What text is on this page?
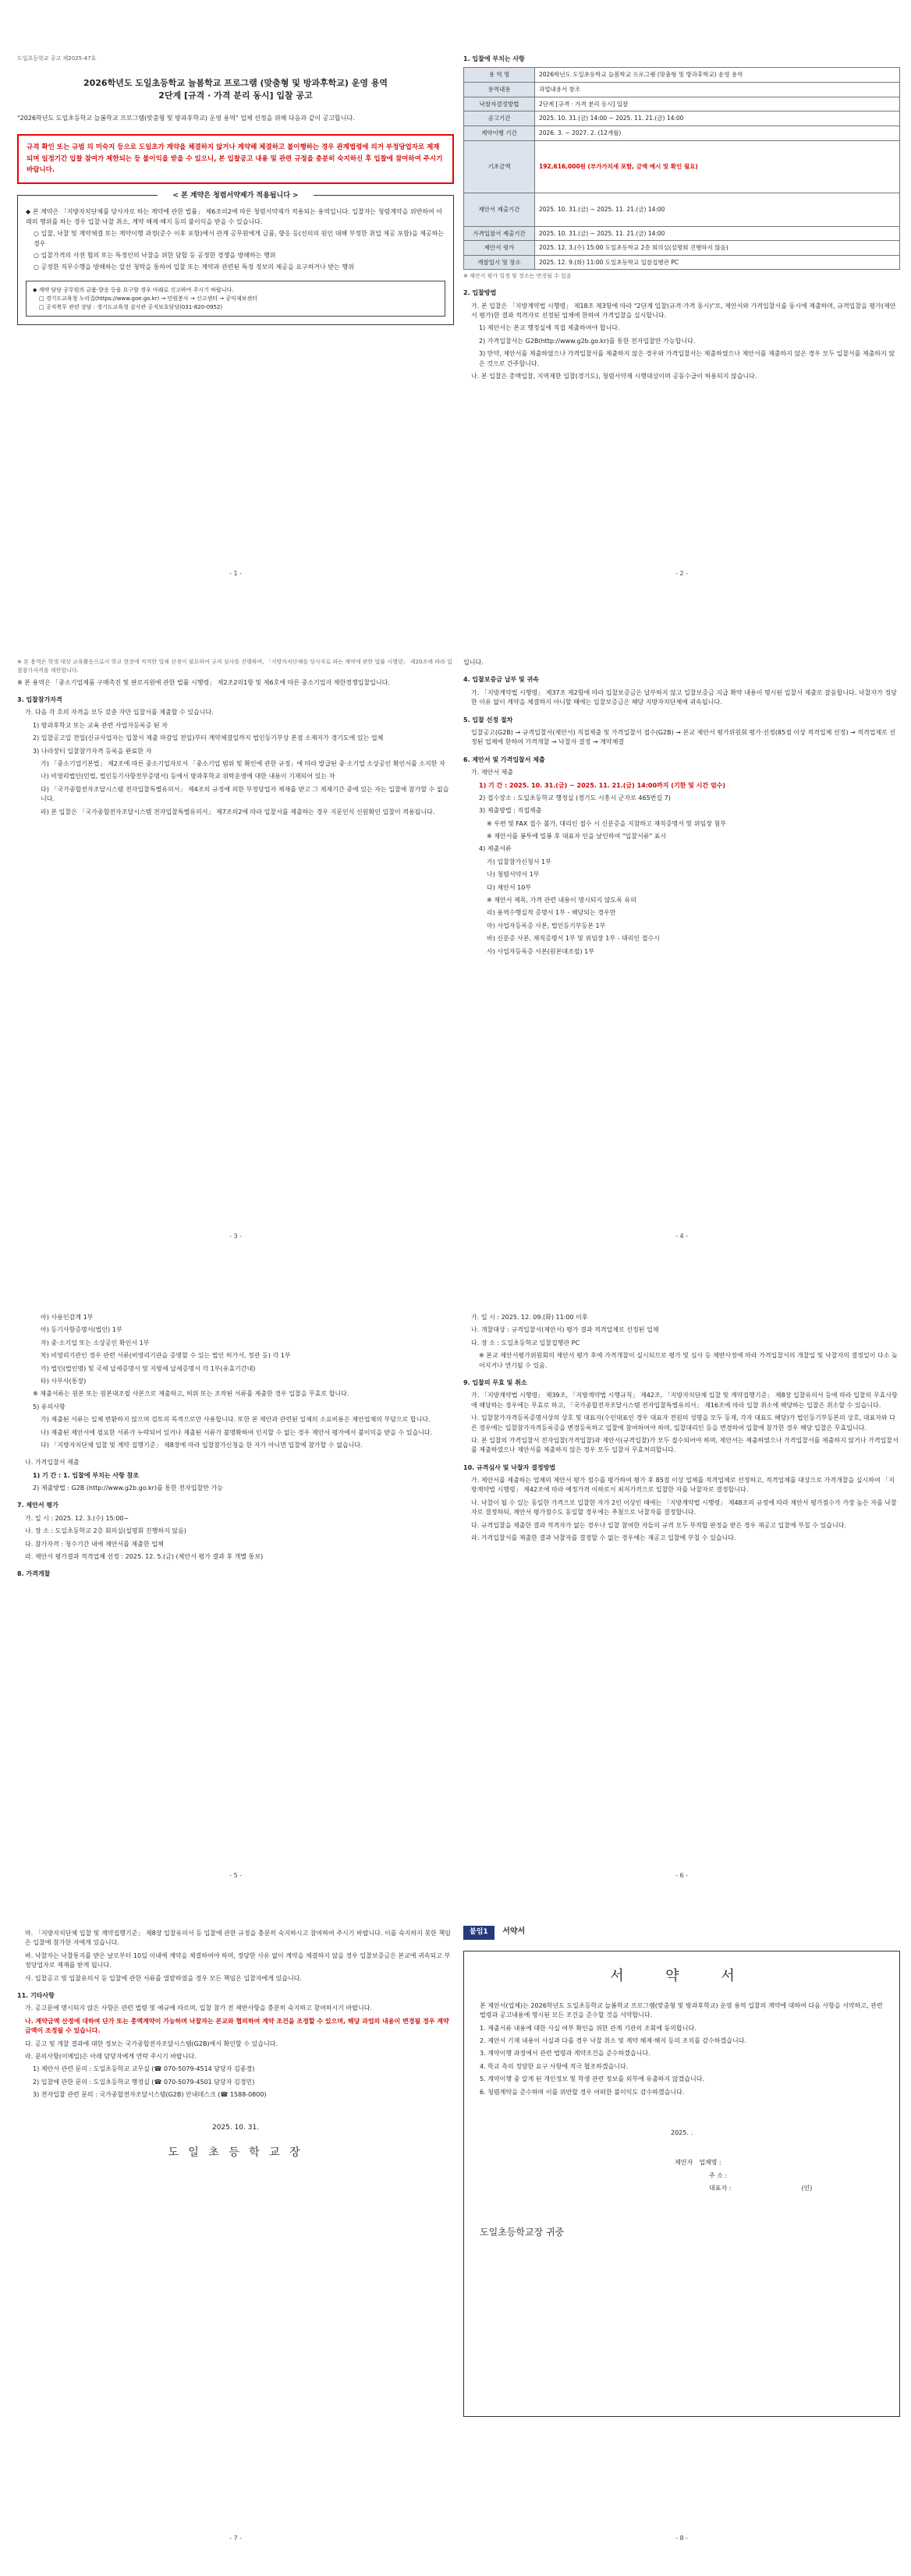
도일초등학교 공고 제2025-47호

2026학년도 도일초등학교 늘봄학교 프로그램 (맞춤형 및 방과후학교) 운영 용역

2단계 [규격 · 가격 분리 동시] 입찰 공고

"2026학년도 도일초등학교 늘봄학교 프로그램(맞춤형 및 방과후학교) 운영 용역" 업체 선정을 위해 다음과 같이 공고합니다.

규격 확인 또는 규범 의 미숙지 등으로 도일초가 계약을 체결하지 않거나 계약해 체결하고 불이행하는 경우 관계법령에 의거 부정당업자로 제재되며 일정기간 입찰 참여가 제한되는 등 불이익을 받을 수 있으니, 본 입찰공고 내용 및 관련 규정을 충분히 숙지하신 후 입찰에 참여하여 주시기 바랍니다.
< 본 계약은 청렴서약제가 적용됩니다 >
◆ 본 계약은 「지방자치단체를 당사자로 하는 계약에 관한 법률」 제6조의2에 따른 청렴서약제가 적용되는 용역입니다. 입찰자는 청렴계약을 위반하여 아래의 행위를 하는 경우 입찰·낙찰 취소, 계약 해제·해지 등의 불이익을 받을 수 있습니다.
○ 입찰, 낙찰 및 계약체결 또는 계약이행 과정(준수 이후 포함)에서 관계 공무원에게 금품, 향응 등(선의의 원인 대해 부정한 취업 제공 포함)을 제공하는 경우
○ 입찰가격의 사전 협의 또는 특정인의 낙찰을 위한 담합 등 공정한 경쟁을 방해하는 행위
○ 공정한 직무수행을 방해하는 알선 청탁을 통하여 입찰 또는 계약과 관련된 특정 정보의 제공을 요구하거나 받는 행위
◆ 계약 담당 공무원의 금품·향응 등을 요구할 경우 아래로 신고하여 주시기 바랍니다.
□ 경기도교육청 누리집(https://www.goe.go.kr) → 민원봉사 → 신고센터 → 공익제보센터
□ 공직복무 관련 상담 : 경기도교육청 감사관 공직보호담당(031-820-0952)
- 1 -
1. 입찰에 부치는 사항
용 역 명	2026학년도 도일초등학교 늘봄학교 프로그램 (맞춤형 및 방과후학교) 운영 용역
용역내용	과업내용서 참조
낙찰자결정방법	2단계 [규격 · 가격 분리 동시] 입찰
공고기간	2025. 10. 31.(금) 14:00 ~ 2025. 11. 21.(금) 14:00
계약이행 기간	2026. 3. ~ 2027. 2. (12개월)
기초금액	192,616,000원 (부가가치세 포함, 금액 예시 및 확인 필요)
제안서 제출기간	2025. 10. 31.(금) ~ 2025. 11. 21.(금) 14:00
가격입찰서 제출기간	2025. 10. 31.(금) ~ 2025. 11. 21.(금) 14:00
제안서 평가	2025. 12. 3.(수) 15:00 도일초등학교 2층 회의실(설명회 진행하지 않음)
개찰일시 및 장소	2025. 12. 9.(화) 11:00 도일초등학교 입찰집행관 PC
※ 제안서 평가 일정 및 장소는 변경될 수 있음
2. 입찰방법
가. 본 입찰은 「지방계약법 시행령」 제18조 제3항에 따라 "2단계 입찰(규격·가격 동시)"로, 제안서와 가격입찰서를 동시에 제출하며, 규격입찰을 평가(제안서 평가)한 결과 적격자로 선정된 업체에 한하여 가격입찰을 실시합니다.
1) 제안서는 본교 행정실에 직접 제출하여야 합니다.
2) 가격입찰서는 G2B(http://www.g2b.go.kr)를 통한 전자입찰만 가능합니다.
3) 만약, 제안서를 제출하였으나 가격입찰서를 제출하지 않은 경우와 가격입찰서는 제출하였으나 제안서를 제출하지 않은 경우 모두 입찰서를 제출하지 않은 것으로 간주합니다.
나. 본 입찰은 총액입찰, 지역제한 입찰(경기도), 청렴서약제 시행대상이며 공동수급이 허용되지 않습니다.
- 2 -
※ 본 용역은 학생 대상 교육활동으로서 학교 현장에 적격한 업체 선정이 필요하여 규격 심사를 진행하며, 「지방자치단체를 당사자로 하는 계약에 관한 법률 시행령」 제20조에 따라 입찰참가자격을 제한합니다.
※ 본 용역은 「중소기업제품 구매촉진 및 판로지원에 관한 법률 시행령」 제2조2의1항 및 제6호에 따른 중소기업자 제한경쟁입찰입니다.
3. 입찰참가자격
가. 다음 각 호의 자격을 모두 갖춘 자만 입찰서를 제출할 수 있습니다.
1) 방과후학교 또는 교육 관련 사업자등록증 된 자
2) 입찰공고일 전일(신규사업자는 입찰서 제출 마감일 전일)부터 계약체결일까지 법인등기부상 본점 소재지가 경기도에 있는 업체
3) 나라장터 입찰참가자격 등록을 완료한 자
가) 「중소기업기본법」 제2조에 따른 중소기업자로서 「중소기업 범위 및 확인에 관한 규정」에 따라 발급된 중·소기업 소상공인 확인서를 소지한 자
나) 비영리법인(민법, 법인등기사항전부증명서) 등에서 방과후학교 위탁운영에 대한 내용이 기재되어 있는 자
다) 「국가종합전자조달시스템 전자입찰특별유의서」 제4조의 규정에 의한 부정당업자 제재를 받고 그 제재기간 중에 있는 자는 입찰에 참가할 수 없습니다.
라) 본 입찰은 「국가종합전자조달시스템 전자입찰특별유의서」 제7조의2에 따라 입찰서를 제출하는 경우 지문인식 신원확인 입찰이 적용됩니다.
- 3 -
입니다.
4. 입찰보증금 납부 및 귀속
가. 「지방계약법 시행령」 제37조 제2항에 따라 입찰보증금은 납부하지 않고 입찰보증금 지급 확약 내용이 명시된 입찰서 제출로 갈음합니다. 낙찰자가 정당한 이유 없이 계약을 체결하지 아니할 때에는 입찰보증금은 해당 지방자치단체에 귀속됩니다.
5. 입찰 선정 절차
입찰공고(G2B) → 규격입찰서(제안서) 직접제출 및 가격입찰서 접수(G2B) → 본교 제안서 평가위원회 평가·선정(85점 이상 적격업체 선정) → 적격업체로 선정된 업체에 한하여 가격개찰 → 낙찰자 결정 → 계약체결
6. 제안서 및 가격입찰서 제출
가. 제안서 제출
1) 기 간 : 2025. 10. 31.(금) ~ 2025. 11. 21.(금) 14:00까지 (기한 및 시간 엄수)
2) 접수장소 : 도일초등학교 행정실 (경기도 시흥시 군자로 465번길 7)
3) 제출방법 : 직접제출
※ 우편 및 FAX 접수 불가, 대리인 접수 시 신분증을 지참하고 재직증명서 및 위임장 첨부
※ 제안서를 봉투에 밀봉 후 대표자 인을 날인하여 "입찰서류" 표시
4) 제출서류
가) 입찰참가신청서 1부
나) 청렴서약서 1부
다) 제안서 10부
※ 제안서 제목, 가격 관련 내용이 명시되지 않도록 유의
라) 용역수행실적 증명서 1부 - 해당되는 경우만
마) 사업자등록증 사본, 법인등기부등본 1부
바) 신분증 사본, 재직증명서 1부 및 위임장 1부 - 대리인 접수시
사) 사업자등록증 사본(원본대조필) 1부
- 4 -
아) 사용인감계 1부
아) 등기사항증명서(법인) 1부
자) 중·소기업 또는 소상공인 확인서 1부
차) 비영리기관인 경우 관련 서류(비영리기관을 증명할 수 있는 법인 허가서, 정관 등) 각 1부
카) 법인(법인명) 및 국세 납세증명서 및 지방세 납세증명서 각 1부(유효기간내)
타) 사무사(통장)
※ 제출서류는 원본 또는 원본대조필 사본으로 제출하고, 허위 또는 조작된 서류를 제출한 경우 입찰을 무효로 합니다.
5) 유의사항
가) 제출된 서류는 일체 반환하지 않으며 검토의 목적으로만 사용합니다. 또한 본 제안과 관련된 일체의 소요비용은 제안업체의 부담으로 합니다.
나) 제출된 제안서에 필요한 서류가 누락되어 있거나 제출된 서류가 불명확하여 인지할 수 없는 경우 제안서 평가에서 불이익을 받을 수 있습니다.
다) 「지방자치단체 입찰 및 계약 집행기준」 제8장에 따라 입찰참가신청을 한 자가 아니면 입찰에 참가할 수 없습니다.
나. 가격입찰서 제출
1) 기 간 : 1. 입찰에 부치는 사항 참조
2) 제출방법 : G2B (http://www.g2b.go.kr)를 통한 전자입찰만 가능
7. 제안서 평가
가. 일 시 : 2025. 12. 3.(수) 15:00~
나. 장 소 : 도일초등학교 2층 회의실(설명회 진행하지 않음)
다. 참가자격 : 청수기간 내에 제안서를 제출한 업체
라. 제안서 평가결과 적격업체 선정 : 2025. 12. 5.(금) (제안서 평가 결과 후 개별 통보)
8. 가격개찰
- 5 -
가. 일 시 : 2025. 12. 09.(화) 11:00 이후
나. 개찰대상 : 규격입찰서(제안서) 평가 결과 적격업체로 선정된 업체
다. 장 소 : 도일초등학교 입찰집행관 PC
※ 본교 제안서평가위원회의 제안서 평가 후에 가격개찰이 실시되므로 평가 및 심사 등 제반사정에 따라 가격입찰서의 개찰일 및 낙찰자의 결정일이 다소 늦어지거나 연기될 수 있음.
9. 입찰의 무효 및 취소
가. 「지방계약법 시행령」 제39조, 「지방계약법 시행규칙」 제42조, 「지방자치단체 입찰 및 계약집행기준」 제8장 입찰유의서 등에 따라 입찰의 무효사항에 해당하는 경우에는 무효로 하고, 「국가종합전자조달시스템 전자입찰특별유의서」 제16조에 따라 입찰 취소에 해당하는 입찰은 취소할 수 있습니다.
나. 입찰참가자격등록증명서상의 상호 및 대표자(수인대표인 경우 대표자 전원의 성명을 모두 등재, 각자 대표도 해당)가 법인등기부등본의 상호, 대표자와 다른 경우에는 입찰참가자격등록증을 변경등록하고 입찰에 참여하여야 하며, 입찰대리인 등을 변경하여 입찰에 참가한 경우 해당 입찰은 무효입니다.
다. 본 입찰의 가격입찰서 전자입찰(가격입찰)과 제안서(규격입찰)가 모두 접수되어야 하며, 제안서는 제출하였으나 가격입찰서를 제출하지 않거나 가격입찰서를 제출하였으나 제안서를 제출하지 않은 경우 모두 입찰서 무효처리합니다.
10. 규격심사 및 낙찰자 결정방법
가. 제안서를 제출하는 업체의 제안서 평가 점수를 평가하여 평가 후 85점 이상 업체를 적격업체로 선정하고, 적격업체를 대상으로 가격개찰을 실시하여 「지방계약법 시행령」 제42조에 따라 예정가격 이하로서 최저가격으로 입찰한 자를 낙찰자로 결정합니다.
나. 낙찰이 될 수 있는 동일한 가격으로 입찰한 자가 2인 이상인 때에는 「지방계약법 시행령」 제48조의 규정에 따라 제안서 평가점수가 가장 높은 자를 낙찰자로 결정하되, 제안서 평가점수도 동일할 경우에는 추첨으로 낙찰자를 결정합니다.
다. 규격입찰을 제출한 결과 적격자가 없는 경우나 입찰 참여한 자들의 규격 모두 부적합 판정을 받은 경우 재공고 입찰에 부칠 수 있습니다.
라. 가격입찰서를 제출한 결과 낙찰자를 결정할 수 없는 경우에는 재공고 입찰에 부칠 수 있습니다.
- 6 -
마. 「지방자치단체 입찰 및 계약집행기준」 제8장 입찰유의서 등 입찰에 관한 규정을 충분히 숙지하시고 참여하여 주시기 바랍니다. 이를 숙지하지 못한 책임은 입찰에 참가한 자에게 있습니다.
바. 낙찰자는 낙찰통지를 받은 날로부터 10일 이내에 계약을 체결하여야 하며, 정당한 사유 없이 계약을 체결하지 않을 경우 입찰보증금은 본교에 귀속되고 부정당업자로 제재를 받게 됩니다.
사. 입찰공고 및 입찰유의서 등 입찰에 관한 서류를 열람하였을 경우 모든 책임은 입찰자에게 있습니다.
11. 기타사항
가. 공고문에 명시되지 않은 사항은 관련 법령 및 예규에 따르며, 입찰 참가 전 제반사항을 충분히 숙지하고 참여하시기 바랍니다.
나. 계약금액 산정에 대하여 단가 또는 총액계약이 가능하며 낙찰자는 본교와 협의하여 계약 조건을 조정할 수 있으며, 해당 과업의 내용이 변경될 경우 계약 금액이 조정될 수 있습니다.
다. 공고 및 개찰 결과에 대한 정보는 국가종합전자조달시스템(G2B)에서 확인할 수 있습니다.
라. 문의사항(이메일)은 아래 담당자에게 연락 주시기 바랍니다.
1) 제안서 관련 문의 : 도일초등학교 교무실 (☎ 070-5079-4514 담당자 김종경)
2) 입찰에 관한 문의 : 도일초등학교 행정실 (☎ 070-5079-4501 담당자 김경민)
3) 전자입찰 관련 문의 : 국가종합전자조달시스템(G2B) 안내데스크 (☎ 1588-0800)
2025. 10. 31.
도 일 초 등 학 교 장
- 7 -
붙임1 서약서
서 약 서
본 제안서(업체)는 2026학년도 도일초등학교 늘봄학교 프로그램(맞춤형 및 방과후학교) 운영 용역 입찰의 계약에 대하여 다음 사항을 서약하고, 관련 법령과 공고내용에 명시된 모든 조건을 준수할 것을 서약합니다.
1. 제출서류 내용에 대한 사실 여부 확인을 위한 관계 기관의 조회에 동의합니다.
2. 제안서 기재 내용이 사실과 다를 경우 낙찰 취소 및 계약 해제·해지 등의 조치를 감수하겠습니다.
3. 계약이행 과정에서 관련 법령과 계약조건을 준수하겠습니다.
4. 학교 측의 정당한 요구 사항에 적극 협조하겠습니다.
5. 계약이행 중 알게 된 개인정보 및 학생 관련 정보를 외부에 유출하지 않겠습니다.
6. 청렴계약을 준수하며 이를 위반할 경우 어떠한 불이익도 감수하겠습니다.
2025. .
제안자 업체명 :
주 소 :
대표자 :	(인)
도일초등학교장 귀중
- 8 -
